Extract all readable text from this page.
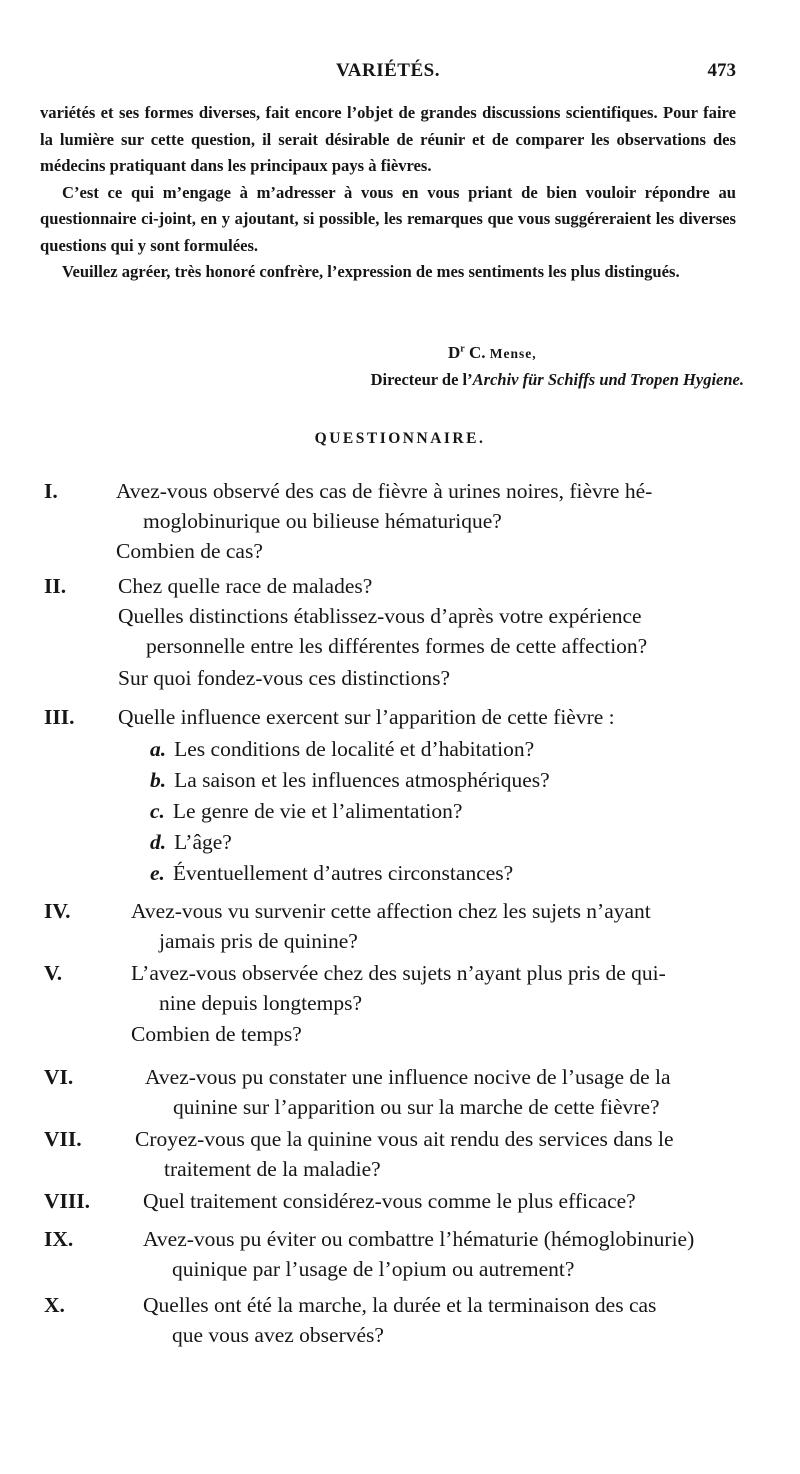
VARIÉTÉS.	473

variétés et ses formes diverses, fait encore l’objet de grandes discussions scientifiques. Pour faire la lumière sur cette question, il serait désirable de réunir et de comparer les observations des médecins pratiquant dans les principaux pays à fièvres.

C’est ce qui m’engage à m’adresser à vous en vous priant de bien vouloir répondre au questionnaire ci-joint, en y ajoutant, si possible, les remarques que vous suggéreraient les diverses questions qui y sont formulées.

Veuillez agréer, très honoré confrère, l’expression de mes sentiments les plus distingués.

$D^r$ C. Mense,
Directeur de l’Archiv für Schiffs und Tropen Hygiene.
QUESTIONNAIRE.
I.	Avez-vous observé des cas de fièvre à urines noires, fièvre hé-
moglobinurique ou bilieuse hématurique?
Combien de cas?
II. Chez quelle race de malades?
Quelles distinctions établissez-vous d’après votre expérience
personnelle entre les différentes formes de cette affection?
Sur quoi fondez-vous ces distinctions?
III. Quelle influence exercent sur l’apparition de cette fièvre :
a. Les conditions de localité et d’habitation?
b. La saison et les influences atmosphériques?
c. Le genre de vie et l’alimentation?
d. L’âge?
e. Éventuellement d’autres circonstances?
IV.	Avez-vous vu survenir cette affection chez les sujets n’ayant
jamais pris de quinine?
V.	L’avez-vous observée chez des sujets n’ayant plus pris de qui-
nine depuis longtemps?
Combien de temps?
VI.	Avez-vous pu constater une influence nocive de l’usage de la
quinine sur l’apparition ou sur la marche de cette fièvre?
VII. Croyez-vous que la quinine vous ait rendu des services dans le
traitement de la maladie?
VIII. Quel traitement considérez-vous comme le plus efficace?
IX.	Avez-vous pu éviter ou combattre l’hématurie (hémoglobinurie)
quinique par l’usage de l’opium ou autrement?
X.	Quelles ont été la marche, la durée et la terminaison des cas
que vous avez observés?
